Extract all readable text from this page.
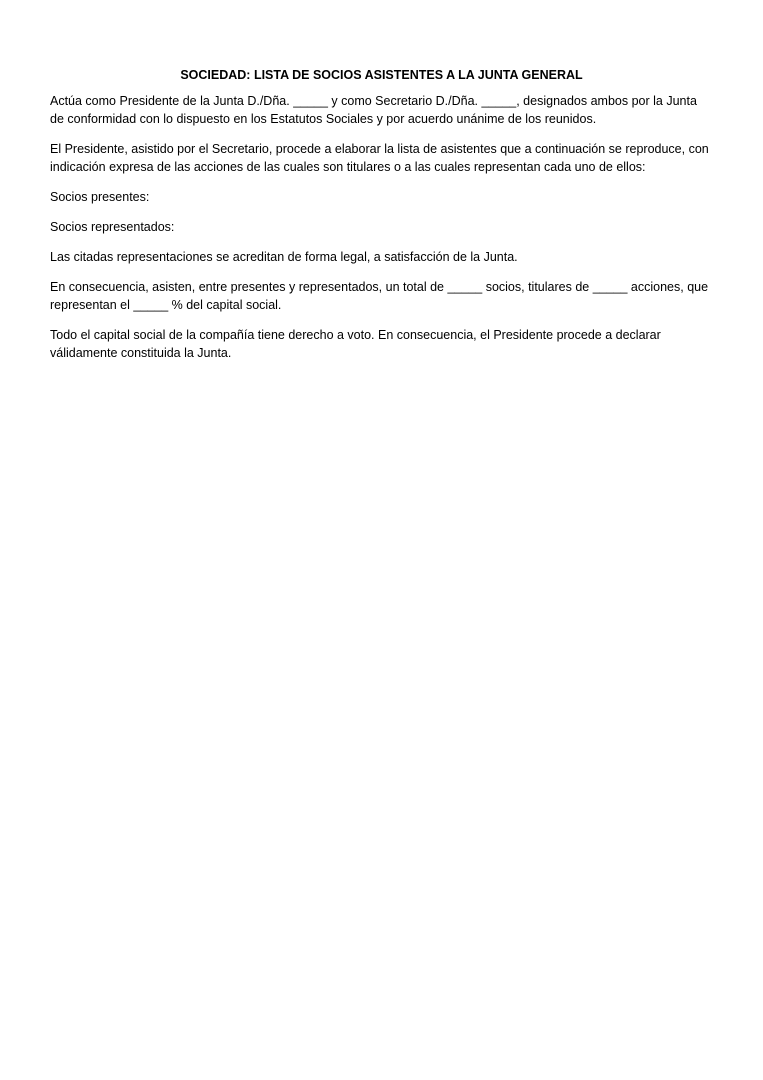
SOCIEDAD: LISTA DE SOCIOS ASISTENTES A LA JUNTA GENERAL

Actúa como Presidente de la Junta D./Dña. _____ y como Secretario D./Dña. _____, designados ambos por la Junta de conformidad con lo dispuesto en los Estatutos Sociales y por acuerdo unánime de los reunidos.

El Presidente, asistido por el Secretario, procede a elaborar la lista de asistentes que a continuación se reproduce, con indicación expresa de las acciones de las cuales son titulares o a las cuales representan cada uno de ellos:

Socios presentes:

Socios representados:

Las citadas representaciones se acreditan de forma legal, a satisfacción de la Junta.

En consecuencia, asisten, entre presentes y representados, un total de _____ socios, titulares de _____ acciones, que representan el _____ % del capital social.

Todo el capital social de la compañía tiene derecho a voto. En consecuencia, el Presidente procede a declarar válidamente constituida la Junta.
